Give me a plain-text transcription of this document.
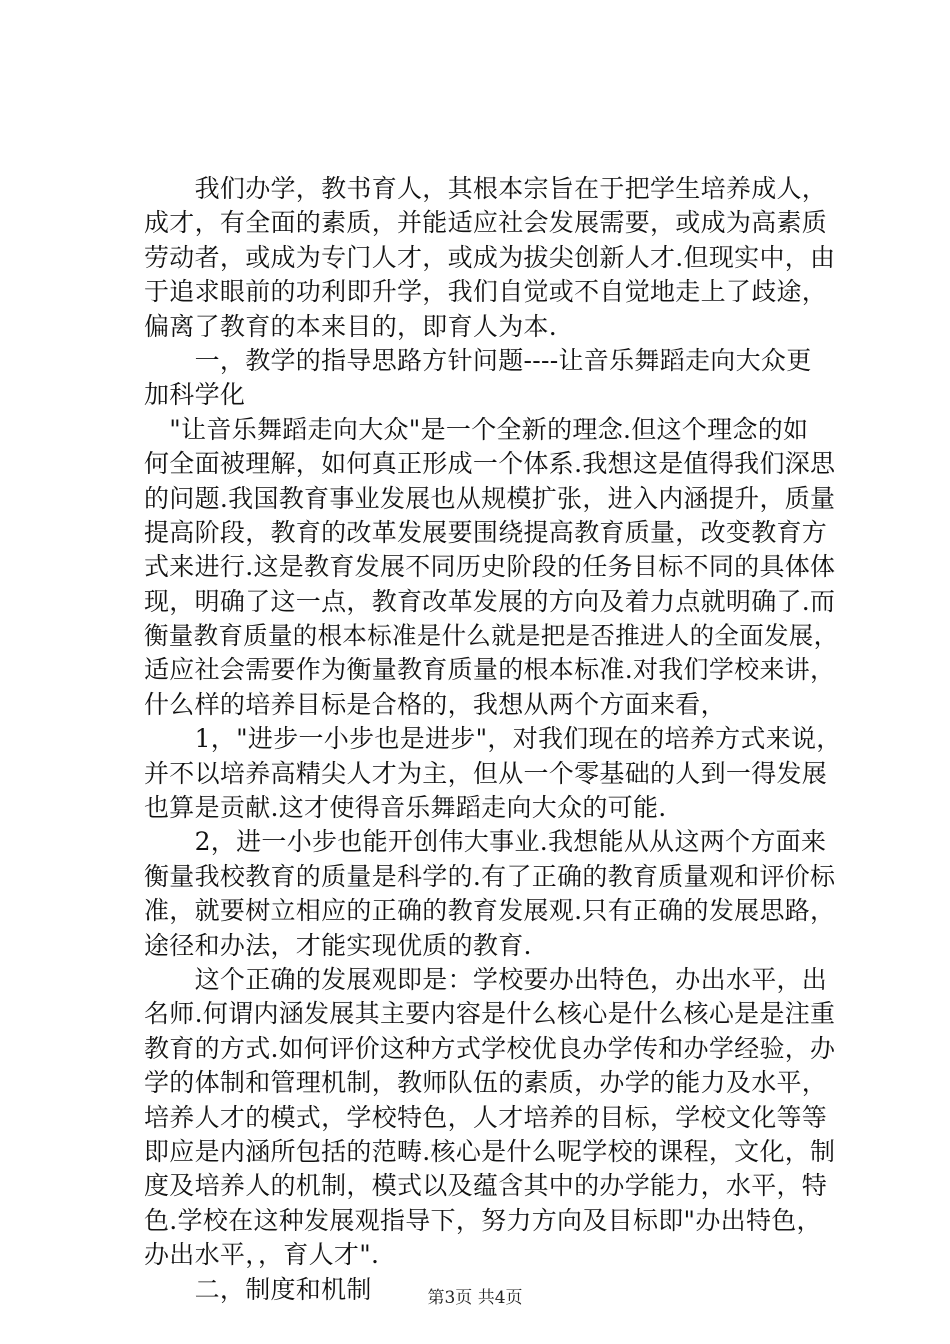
　　我们办学，教书育人，其根本宗旨在于把学生培养成人，
成才，有全面的素质，并能适应社会发展需要，或成为高素质
劳动者，或成为专门人才，或成为拔尖创新人才.但现实中，由
于追求眼前的功利即升学，我们自觉或不自觉地走上了歧途，
偏离了教育的本来目的，即育人为本.
　　一，教学的指导思路方针问题----让音乐舞蹈走向大众更
加科学化
　"让音乐舞蹈走向大众"是一个全新的理念.但这个理念的如
何全面被理解，如何真正形成一个体系.我想这是值得我们深思
的问题.我国教育事业发展也从规模扩张，进入内涵提升，质量
提高阶段，教育的改革发展要围绕提高教育质量，改变教育方
式来进行.这是教育发展不同历史阶段的任务目标不同的具体体
现，明确了这一点，教育改革发展的方向及着力点就明确了.而
衡量教育质量的根本标准是什么就是把是否推进人的全面发展，
适应社会需要作为衡量教育质量的根本标准.对我们学校来讲，
什么样的培养目标是合格的，我想从两个方面来看，
　　1，"进步一小步也是进步"，对我们现在的培养方式来说，
并不以培养高精尖人才为主，但从一个零基础的人到一得发展
也算是贡献.这才使得音乐舞蹈走向大众的可能.
　　2，进一小步也能开创伟大事业.我想能从从这两个方面来
衡量我校教育的质量是科学的.有了正确的教育质量观和评价标
准，就要树立相应的正确的教育发展观.只有正确的发展思路，
途径和办法，才能实现优质的教育.
　　这个正确的发展观即是：学校要办出特色，办出水平，出
名师.何谓内涵发展其主要内容是什么核心是什么核心是是注重
教育的方式.如何评价这种方式学校优良办学传和办学经验，办
学的体制和管理机制，教师队伍的素质，办学的能力及水平，
培养人才的模式，学校特色，人才培养的目标，学校文化等等
即应是内涵所包括的范畴.核心是什么呢学校的课程，文化，制
度及培养人的机制，模式以及蕴含其中的办学能力，水平，特
色.学校在这种发展观指导下，努力方向及目标即"办出特色，
办出水平，，育人才".
　　二，制度和机制	第3页 共4页
